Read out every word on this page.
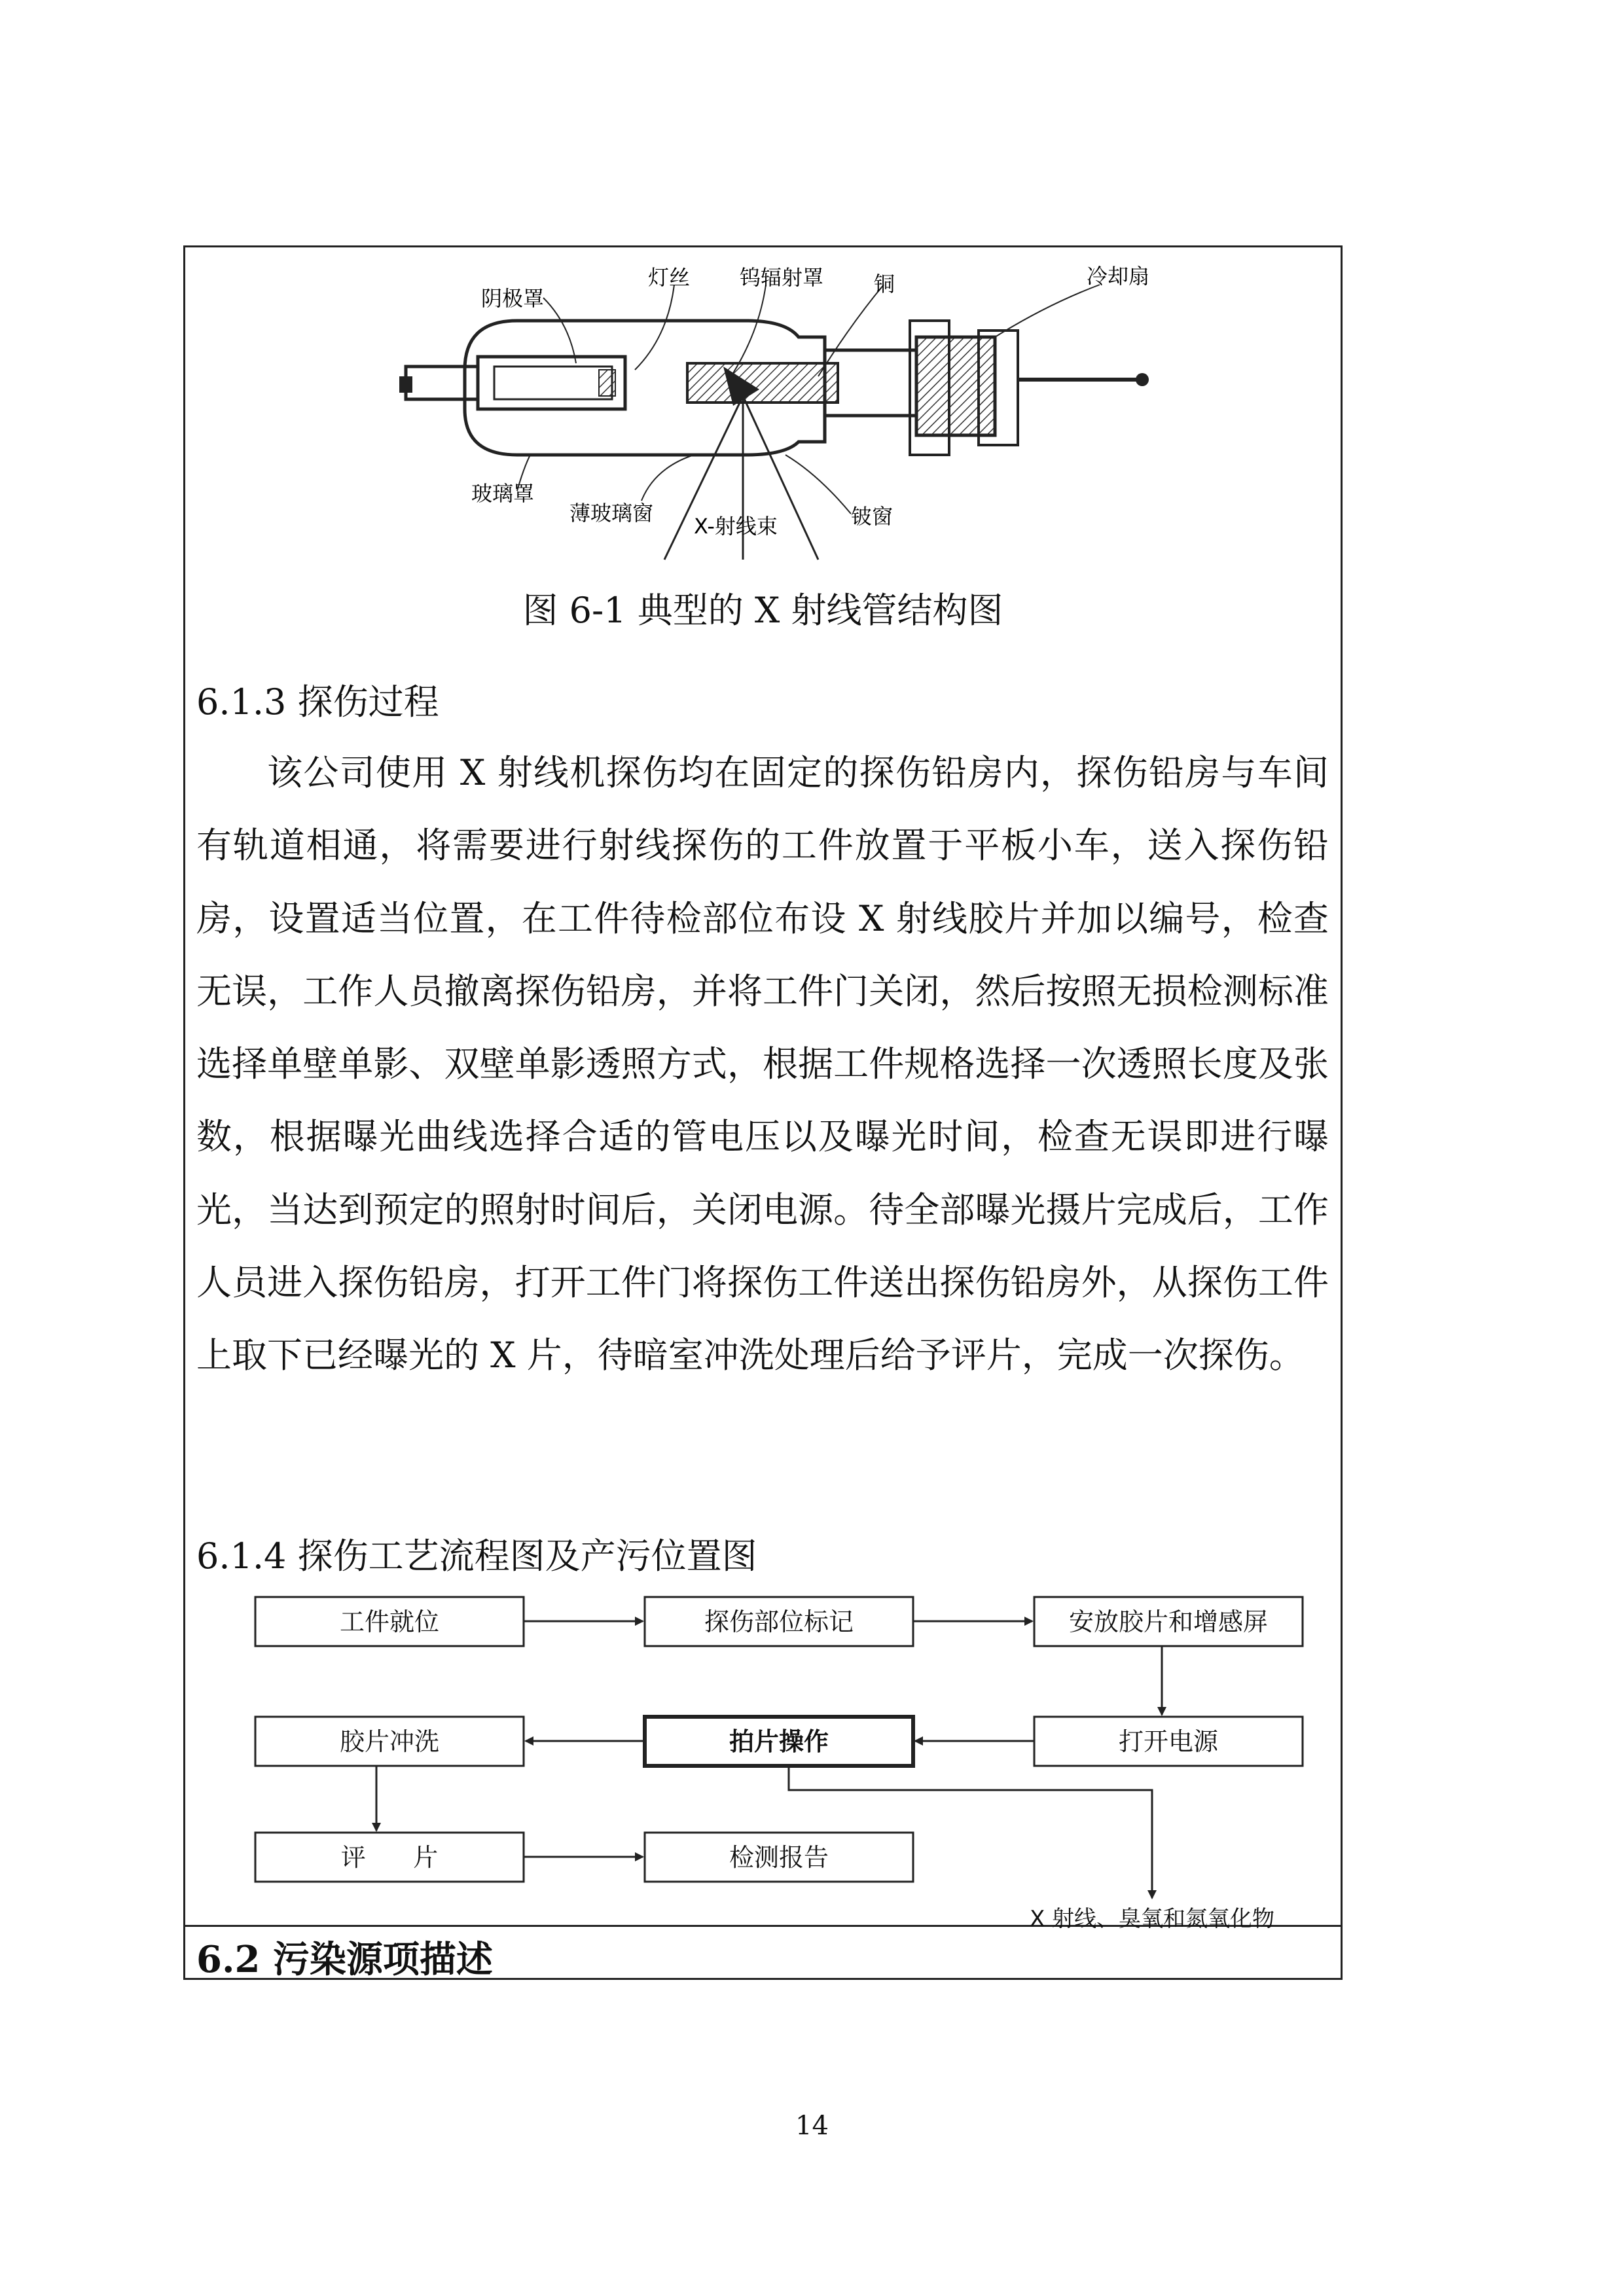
阴极罩
灯丝 钨辐射罩 铜	冷却扇
玻璃罩
薄玻璃窗
X-射线束	铍窗
图 6-1 典型的 X 射线管结构图
6.1.3 探伤过程

该公司使用 X 射线机探伤均在固定的探伤铅房内，探伤铅房与车间有轨道相通，将需要进行射线探伤的工件放置于平板小车，送入探伤铅房，设置适当位置，在工件待检部位布设 X 射线胶片并加以编号，检查无误，工作人员撤离探伤铅房，并将工件门关闭，然后按照无损检测标准选择单壁单影、双壁单影透照方式，根据工件规格选择一次透照长度及张数，根据曝光曲线选择合适的管电压以及曝光时间，检查无误即进行曝光，当达到预定的照射时间后，关闭电源。待全部曝光摄片完成后，工作人员进入探伤铅房，打开工件门将探伤工件送出探伤铅房外，从探伤工件上取下已经曝光的 X 片，待暗室冲洗处理后给予评片，完成一次探伤。

6.1.4 探伤工艺流程图及产污位置图
工件就位	探伤部位标记	安放胶片和增感屏
胶片冲洗	拍片操作	打开电源
评      片	检测报告
X 射线、臭氧和氮氧化物
6.2 污染源项描述
14
